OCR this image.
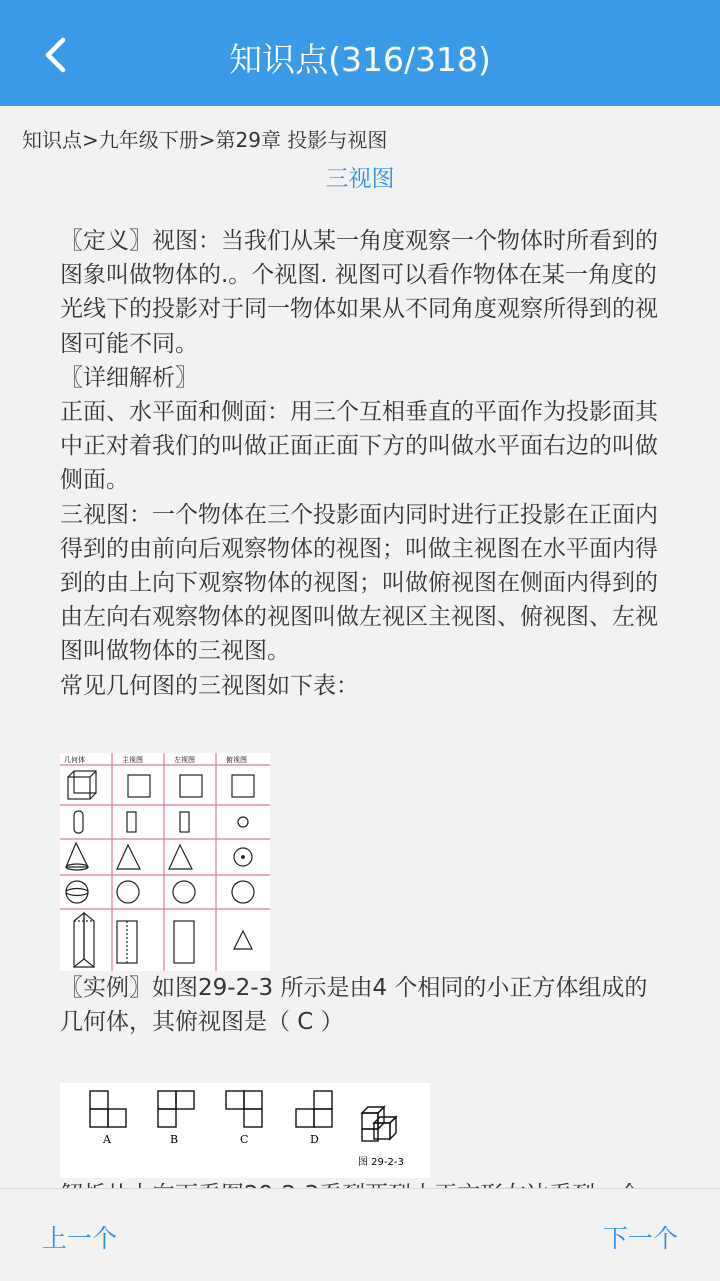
知识点(316/318)
知识点>九年级下册>第29章 投影与视图
三视图

〖定义〗视图：当我们从某一角度观察一个物体时所看到的图象叫做物体的.。个视图. 视图可以看作物体在某一角度的光线下的投影对于同一物体如果从不同角度观察所得到的视图可能不同。

〖详细解析〗

正面、水平面和侧面：用三个互相垂直的平面作为投影面其中正对着我们的叫做正面正面下方的叫做水平面右边的叫做侧面。

三视图：一个物体在三个投影面内同时进行正投影在正面内得到的由前向后观察物体的视图；叫做主视图在水平面内得到的由上向下观察物体的视图；叫做俯视图在侧面内得到的由左向右观察物体的视图叫做左视区主视图、俯视图、左视图叫做物体的三视图。

常见几何图的三视图如下表：

几何体	主视图	左视图	俯视图

〖实例〗如图29-2-3 所示是由4 个相同的小正方体组成的几何体，其俯视图是（ C ）

A	B	C	D
图 29-2-3

上一个	下一个
